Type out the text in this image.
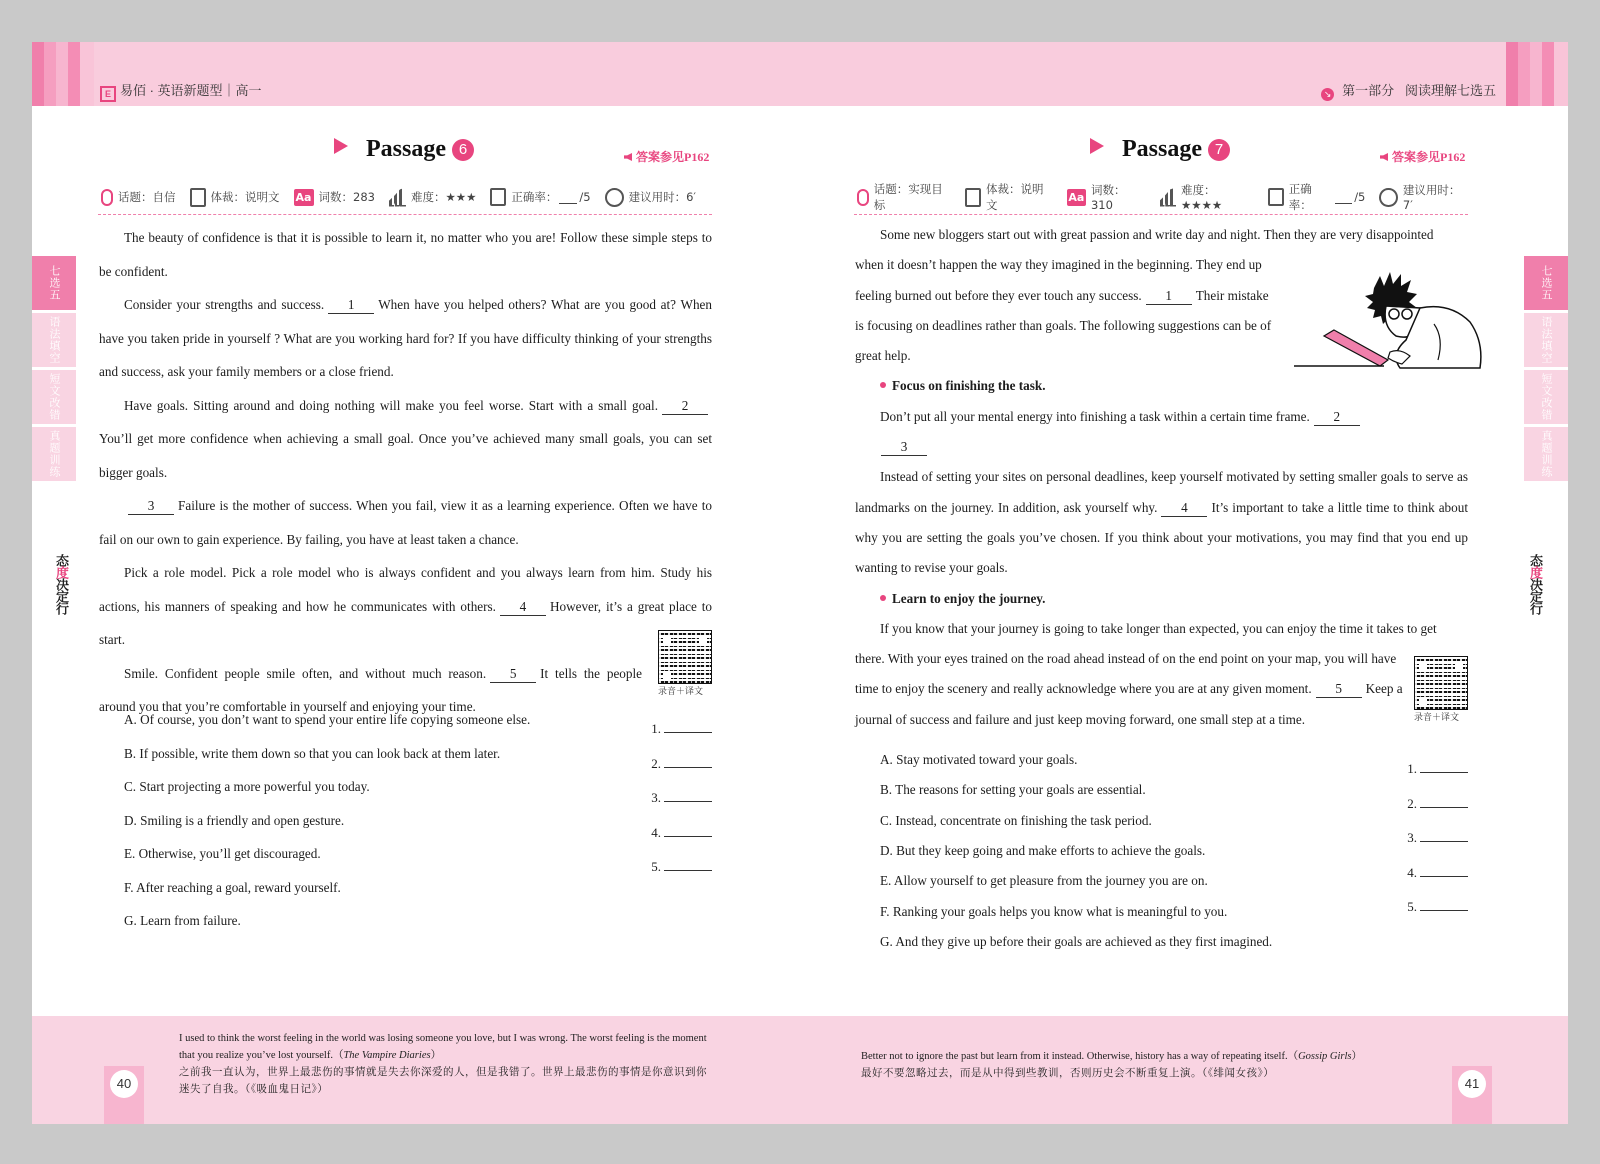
E 易佰 · 英语新题型｜高一
Passage 6	答案参见P162
话题：自信	体裁：说明文 Aa 词数：283	难度：★★★	正确率： /5	建议用时：6′

The beauty of confidence is that it is possible to learn it, no matter who you are! Follow these simple steps to be confident.

Consider your strengths and success. 1 When have you helped others? What are you good at? When have you taken pride in yourself ? What are you working hard for? If you have difficulty thinking of your strengths and success, ask your family members or a close friend.

Have goals. Sitting around and doing nothing will make you feel worse. Start with a small goal. 2You’ll get more confidence when achieving a small goal. Once you’ve achieved many small goals, you can set bigger goals.

3 Failure is the mother of success. When you fail, view it as a learning experience. Often we have to fail on our own to gain experience. By failing, you have at least taken a chance.

Pick a role model. Pick a role model who is always confident and you always learn from him. Study his actions, his manners of speaking and how he communicates with others. 4 However, it’s a great place to start.

Smile. Confident people smile often, and without much reason. 5 It tells the people around you that you’re comfortable in yourself and enjoying your time.

录音＋译文
A. Of course, you don’t want to spend your entire life copying someone else.
B. If possible, write them down so that you can look back at them later.
C. Start projecting a more powerful you today.
D. Smiling is a friendly and open gesture.
E. Otherwise, you’ll get discouraged.
F. After reaching a goal, reward yourself.
G. Learn from failure.
1.
2.
3.
4.
5.
七选五
语法填空
短文改错
真题训练
态度决定行
40
I used to think the worst feeling in the world was losing someone you love, but I was wrong. The worst feeling is the moment that you realize you’ve lost yourself.（The Vampire Diaries）
之前我一直认为，世界上最悲伤的事情就是失去你深爱的人，但是我错了。世界上最悲伤的事情是你意识到你迷失了自我。（《吸血鬼日记》）
↘ 第一部分 阅读理解七选五
Passage 7	答案参见P162
话题：实现目标
体裁：说明文
Aa 词数：310
难度：★★★★
正确率：
/5	建议用时：7′

Some new bloggers start out with great passion and write day and night. Then they are very disappointed

when it doesn’t happen the way they imagined in the beginning. They end up
feeling burned out before they ever touch any success. 1 Their mistake
is focusing on deadlines rather than goals. The following suggestions can be of
great help.

Focus on finishing the task.

Don’t put all your mental energy into finishing a task within a certain time frame. 2

3

Instead of setting your sites on personal deadlines, keep yourself motivated by setting smaller goals to serve as landmarks on the journey. In addition, ask yourself why. 4 It’s important to take a little time to think about why you are setting the goals you’ve chosen. If you think about your motivations, you may find that you end up wanting to revise your goals.

Learn to enjoy the journey.

If you know that your journey is going to take longer than expected, you can enjoy the time it takes to get

there. With your eyes trained on the road ahead instead of on the end point on your map, you will have
time to enjoy the scenery and really acknowledge where you are at any given moment. 5 Keep a
journal of success and failure and just keep moving forward, one small step at a time.	录音＋译文
A. Stay motivated toward your goals.
B. The reasons for setting your goals are essential.
C. Instead, concentrate on finishing the task period.
D. But they keep going and make efforts to achieve the goals.
E. Allow yourself to get pleasure from the journey you are on.
F. Ranking your goals helps you know what is meaningful to you.
G. And they give up before their goals are achieved as they first imagined.
1.
2.
3.
4.
5.
七选五
语法填空
短文改错
真题训练
态度决定行
41
Better not to ignore the past but learn from it instead. Otherwise, history has a way of repeating itself.（Gossip Girls）
最好不要忽略过去，而是从中得到些教训，否则历史会不断重复上演。（《绯闻女孩》）
